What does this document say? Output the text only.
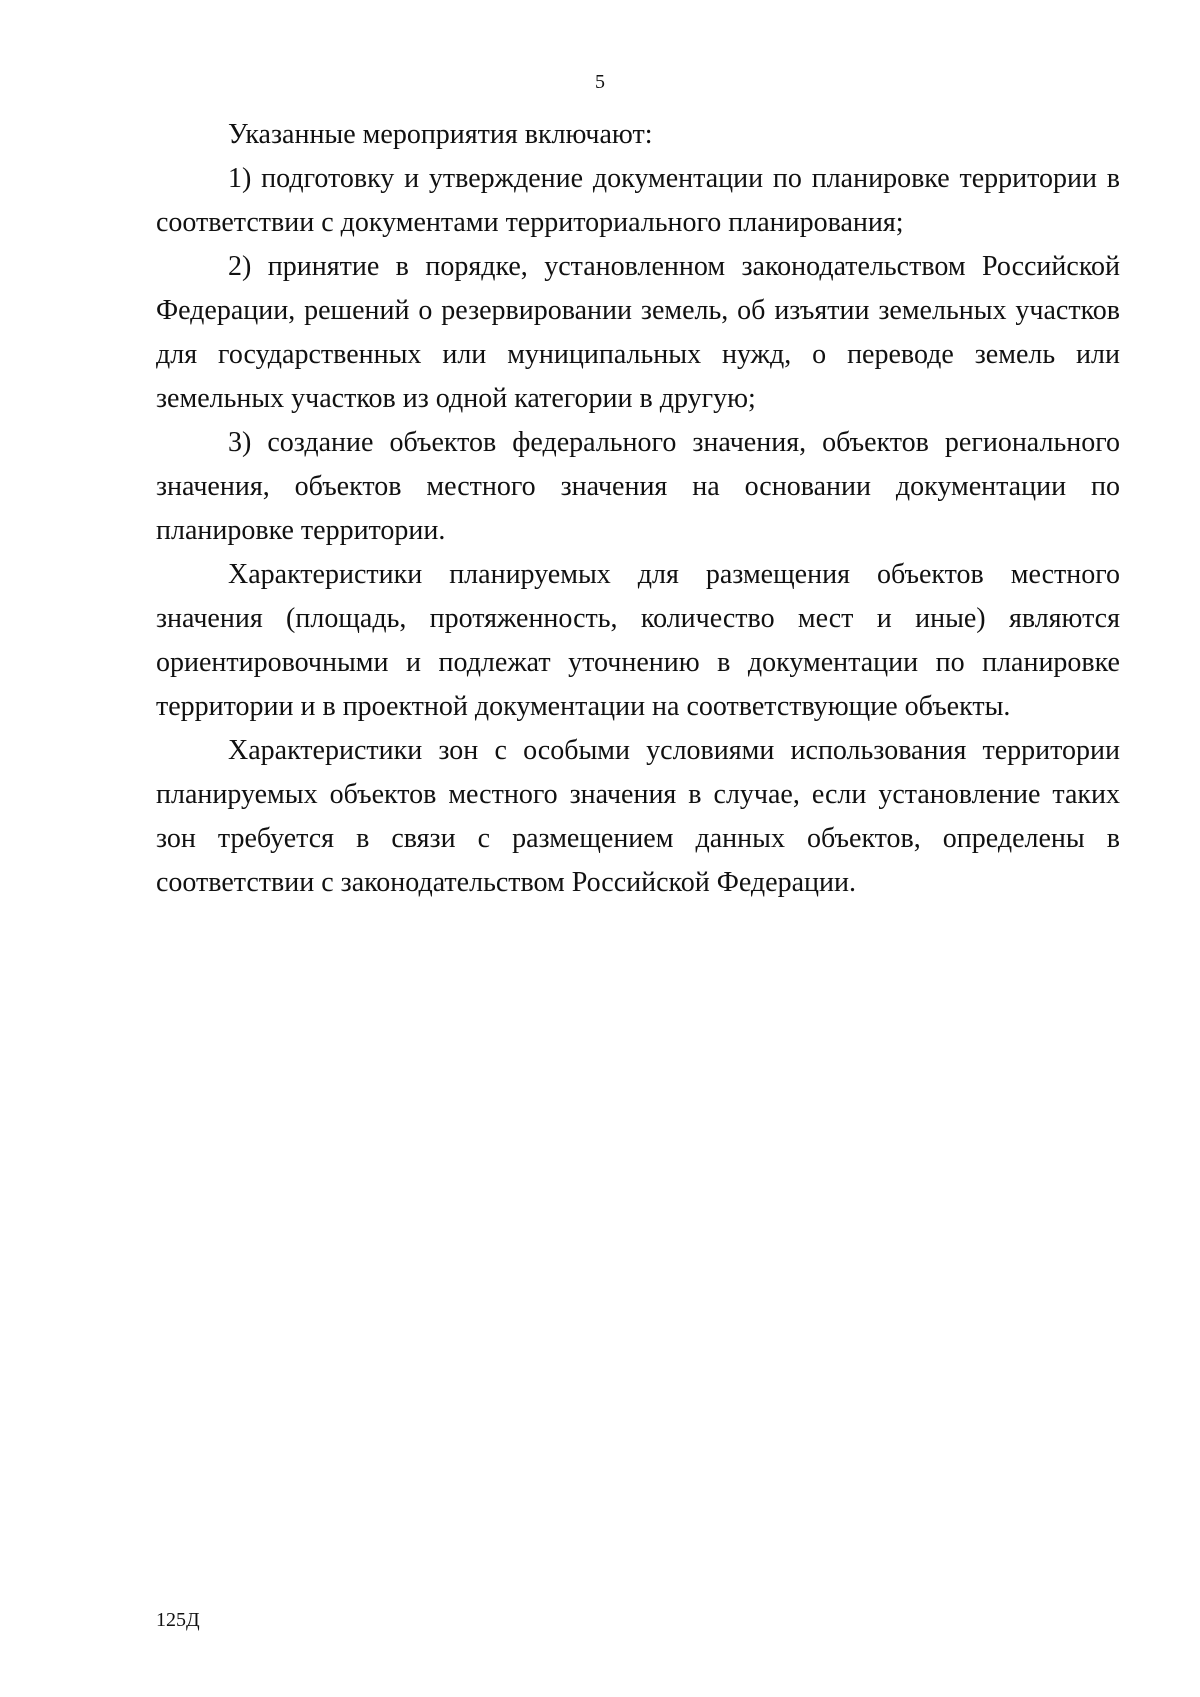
5

Указанные мероприятия включают:

1) подготовку и утверждение документации по планировке территории в соответствии с документами территориального планирования;

2) принятие в порядке, установленном законодательством Российской Федерации, решений о резервировании земель, об изъятии земельных участков для государственных или муниципальных нужд, о переводе земель или земельных участков из одной категории в другую;

3) создание объектов федерального значения, объектов регионального значения, объектов местного значения на основании документации по планировке территории.

Характеристики планируемых для размещения объектов местного значения (площадь, протяженность, количество мест и иные) являются ориентировочными и подлежат уточнению в документации по планировке территории и в проектной документации на соответствующие объекты.

Характеристики зон с особыми условиями использования территории планируемых объектов местного значения в случае, если установление таких зон требуется в связи с размещением данных объектов, определены в соответствии с законодательством Российской Федерации.

125Д
